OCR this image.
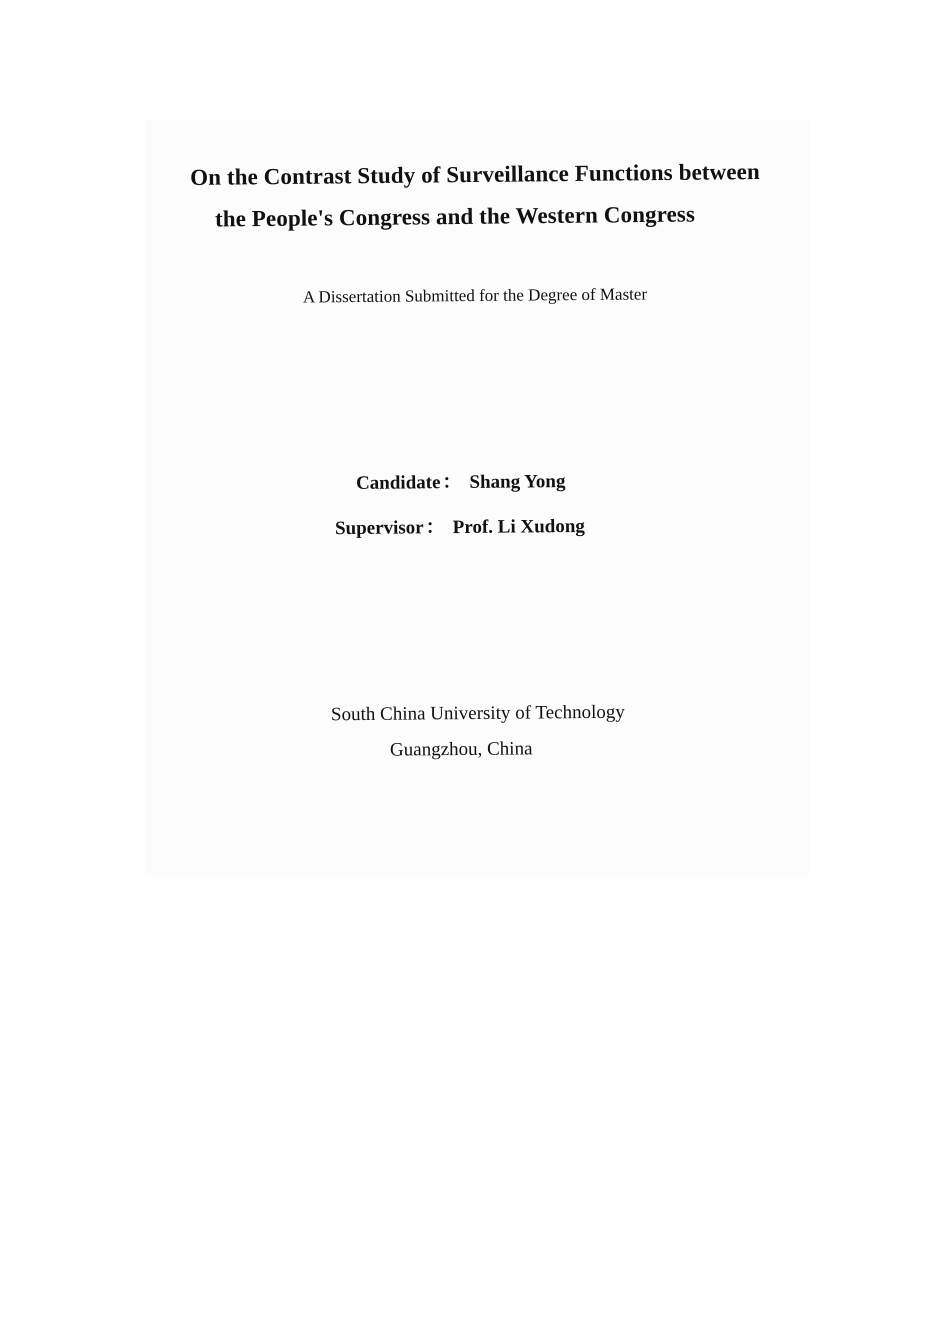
On the Contrast Study of Surveillance Functions between
the People's Congress and the Western Congress
A Dissertation Submitted for the Degree of Master
Candidate： Shang Yong
Supervisor： Prof. Li Xudong
South China University of Technology
Guangzhou, China
